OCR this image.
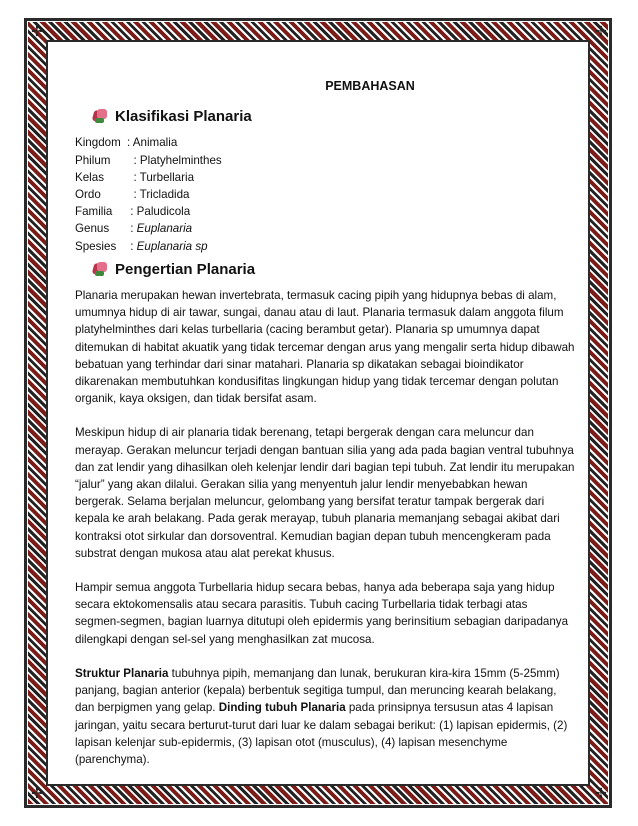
✢	✢
✢	✢
PEMBAHASAN
Klasifikasi Planaria
Kingdom : Animalia
Philum	: Platyhelminthes
Kelas	: Turbellaria
Ordo	: Tricladida
Familia	: Paludicola
Genus	: Euplanaria
Spesies : Euplanaria sp
Pengertian Planaria

Planaria merupakan hewan invertebrata, termasuk cacing pipih yang hidupnya bebas di alam, umumnya hidup di air tawar, sungai, danau atau di laut. Planaria termasuk dalam anggota filum platyhelminthes dari kelas turbellaria (cacing berambut getar). Planaria sp umumnya dapat ditemukan di habitat akuatik yang tidak tercemar dengan arus yang mengalir serta hidup dibawah bebatuan yang terhindar dari sinar matahari. Planaria sp dikatakan sebagai bioindikator dikarenakan membutuhkan kondusifitas lingkungan hidup yang tidak tercemar dengan polutan organik, kaya oksigen, dan tidak bersifat asam.

Meskipun hidup di air planaria tidak berenang, tetapi bergerak dengan cara meluncur dan merayap. Gerakan meluncur terjadi dengan bantuan silia yang ada pada bagian ventral tubuhnya dan zat lendir yang dihasilkan oleh kelenjar lendir dari bagian tepi tubuh. Zat lendir itu merupakan “jalur” yang akan dilalui. Gerakan silia yang menyentuh jalur lendir menyebabkan hewan bergerak. Selama berjalan meluncur, gelombang yang bersifat teratur tampak bergerak dari kepala ke arah belakang. Pada gerak merayap, tubuh planaria memanjang sebagai akibat dari kontraksi otot sirkular dan dorsoventral. Kemudian bagian depan tubuh mencengkeram pada substrat dengan mukosa atau alat perekat khusus.

Hampir semua anggota Turbellaria hidup secara bebas, hanya ada beberapa saja yang hidup secara ektokomensalis atau secara parasitis. Tubuh cacing Turbellaria tidak terbagi atas segmen-segmen, bagian luarnya ditutupi oleh epidermis yang berinsitium sebagian daripadanya dilengkapi dengan sel-sel yang menghasilkan zat mucosa.

Struktur Planaria tubuhnya pipih, memanjang dan lunak, berukuran kira-kira 15mm (5-25mm) panjang, bagian anterior (kepala) berbentuk segitiga tumpul, dan meruncing kearah belakang, dan berpigmen yang gelap. Dinding tubuh Planaria pada prinsipnya tersusun atas 4 lapisan jaringan, yaitu secara berturut-turut dari luar ke dalam sebagai berikut: (1) lapisan epidermis, (2) lapisan kelenjar sub-epidermis, (3) lapisan otot (musculus), (4) lapisan mesenchyme (parenchyma).
